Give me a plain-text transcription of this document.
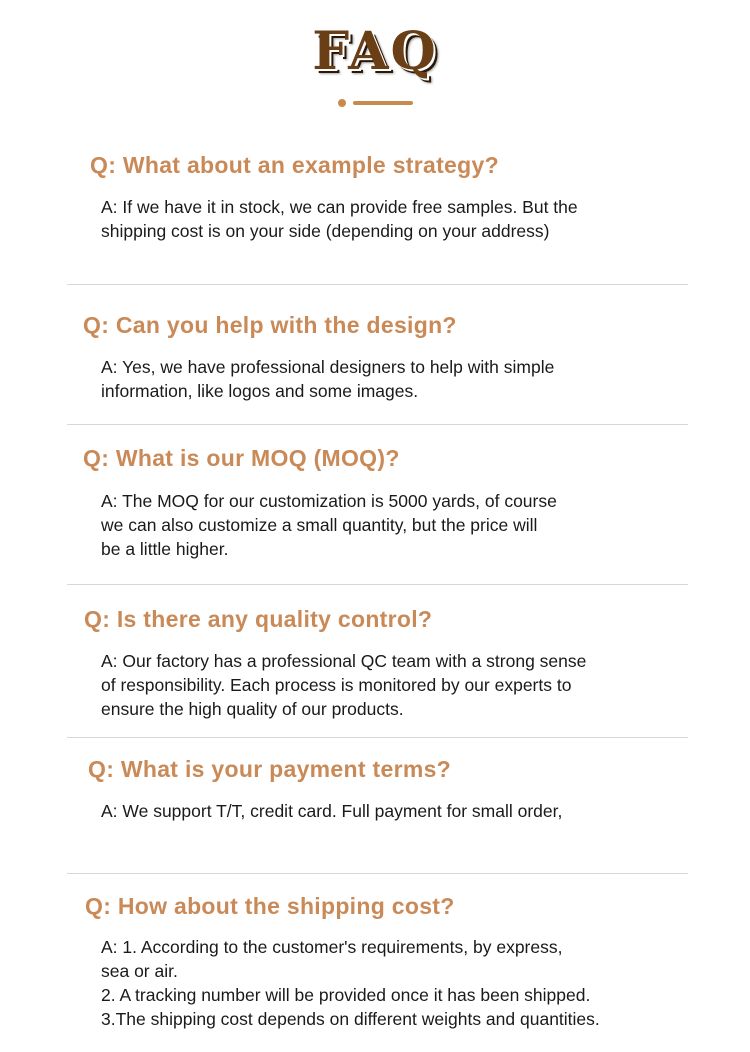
FAQ
Q: What about an example strategy?
A: If we have it in stock, we can provide free samples. But the
shipping cost is on your side (depending on your address)
Q: Can you help with the design?
A: Yes, we have professional designers to help with simple
information, like logos and some images.
Q: What is our MOQ (MOQ)?
A: The MOQ for our customization is 5000 yards, of course
we can also customize a small quantity, but the price will
be a little higher.
Q: Is there any quality control?
A: Our factory has a professional QC team with a strong sense
of responsibility. Each process is monitored by our experts to
ensure the high quality of our products.
Q: What is your payment terms?
A: We support T/T, credit card. Full payment for small order,
Q: How about the shipping cost?
A: 1. According to the customer's requirements, by express,
sea or air.
2. A tracking number will be provided once it has been shipped.
3.The shipping cost depends on different weights and quantities.
